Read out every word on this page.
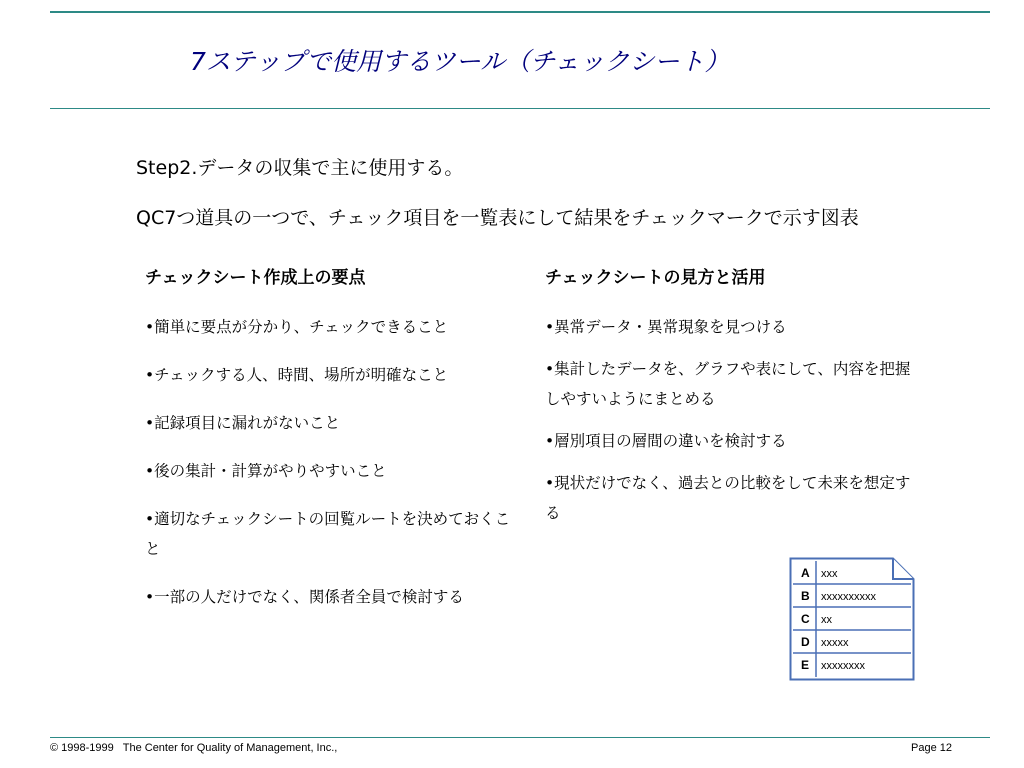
7ステップで使用するツール（チェックシート）

Step2.データの収集で主に使用する。

QC7つ道具の一つで、チェック項目を一覧表にして結果をチェックマークで示す図表

チェックシート作成上の要点
•簡単に要点が分かり、チェックできること
•チェックする人、時間、場所が明確なこと
•記録項目に漏れがないこと
•後の集計・計算がやりやすいこと
•適切なチェックシートの回覧ルートを決めておくこと
•一部の人だけでなく、関係者全員で検討する
チェックシートの見方と活用
•異常データ・異常現象を見つける
•集計したデータを、グラフや表にして、内容を把握しやすいようにまとめる
•層別項目の層間の違いを検討する
•現状だけでなく、過去との比較をして未来を想定する
A xxx
B xxxxxxxxxx
C xx
D xxxxx
E xxxxxxxx

© 1998-1999   The Center for Quality of Management, Inc.,	Page 12
